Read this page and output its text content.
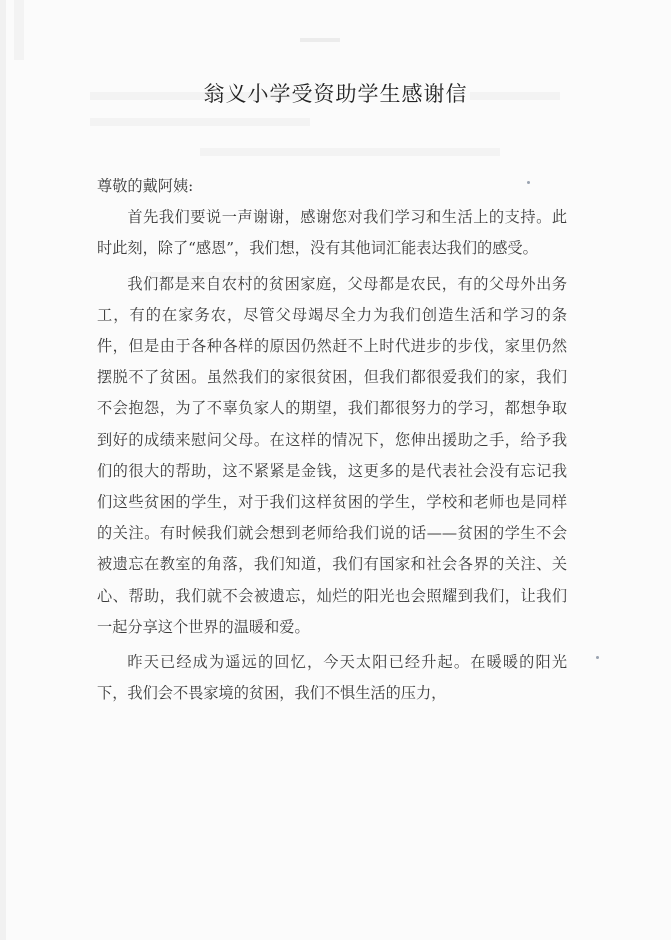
翁义小学受资助学生感谢信

尊敬的戴阿姨:

首先我们要说一声谢谢，感谢您对我们学习和生活上的支持。此时此刻，除了“感恩”，我们想，没有其他词汇能表达我们的感受。

我们都是来自农村的贫困家庭，父母都是农民，有的父母外出务工，有的在家务农，尽管父母竭尽全力为我们创造生活和学习的条件，但是由于各种各样的原因仍然赶不上时代进步的步伐，家里仍然摆脱不了贫困。虽然我们的家很贫困，但我们都很爱我们的家，我们不会抱怨，为了不辜负家人的期望，我们都很努力的学习，都想争取到好的成绩来慰问父母。在这样的情况下，您伸出援助之手，给予我们的很大的帮助，这不紧紧是金钱，这更多的是代表社会没有忘记我们这些贫困的学生，对于我们这样贫困的学生，学校和老师也是同样的关注。有时候我们就会想到老师给我们说的话——贫困的学生不会被遗忘在教室的角落，我们知道，我们有国家和社会各界的关注、关心、帮助，我们就不会被遗忘，灿烂的阳光也会照耀到我们，让我们一起分享这个世界的温暖和爱。

昨天已经成为遥远的回忆，今天太阳已经升起。在暖暖的阳光下，我们会不畏家境的贫困，我们不惧生活的压力，
